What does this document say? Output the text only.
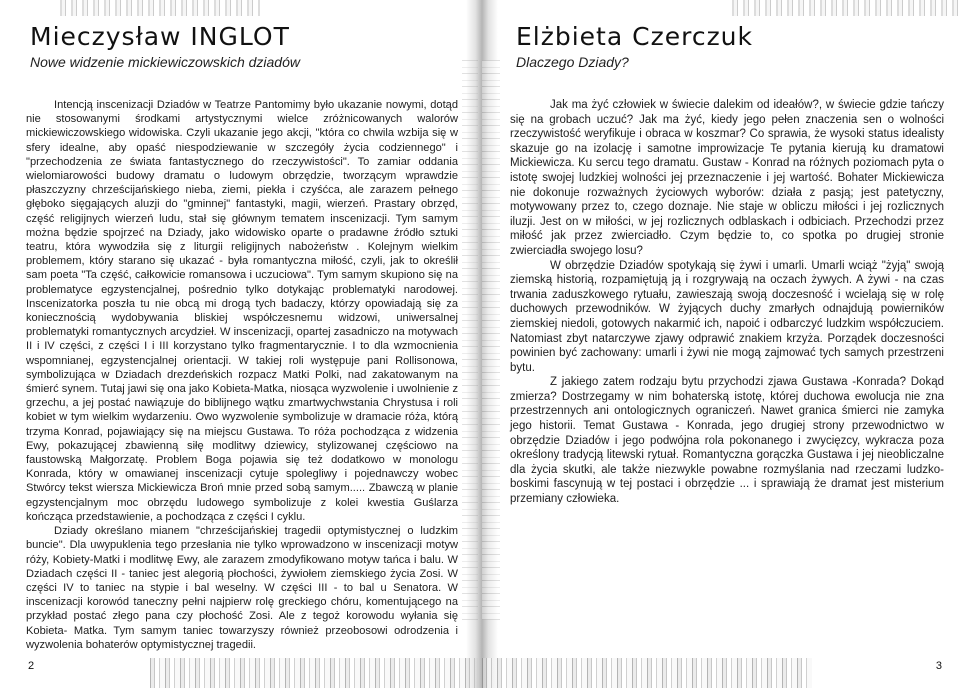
Mieczysław INGLOT
Nowe widzenie mickiewiczowskich dziadów

Intencją inscenizacji Dziadów w Teatrze Pantomimy było ukazanie nowymi, dotąd nie stosowanymi środkami artystycznymi wielce zróżnicowanych walorów mickiewiczowskiego widowiska. Czyli ukazanie jego akcji, "która co chwila wzbija się w sfery idealne, aby opaść niespodziewanie w szczegóły życia codziennego" i "przechodzenia ze świata fantastycznego do rzeczywistości". To zamiar oddania wielomiarowości budowy dramatu o ludowym obrzędzie, tworzącym wprawdzie płaszczyzny chrześcijańskiego nieba, ziemi, piekła i czyśćca, ale zarazem pełnego głęboko sięgających aluzji do "gminnej" fantastyki, magii, wierzeń. Prastary obrzęd, część religijnych wierzeń ludu, stał się głównym tematem inscenizacji. Tym samym można będzie spojrzeć na Dziady, jako widowisko oparte o pradawne źródło sztuki teatru, która wywodziła się z liturgii religijnych nabożeństw . Kolejnym wielkim problemem, który starano się ukazać - była romantyczna miłość, czyli, jak to określił sam poeta "Ta część, całkowicie romansowa i uczuciowa". Tym samym skupiono się na problematyce egzystencjalnej, pośrednio tylko dotykając problematyki narodowej. Inscenizatorka poszła tu nie obcą mi drogą tych badaczy, którzy opowiadają się za koniecznością wydobywania bliskiej współczesnemu widzowi, uniwersalnej problematyki romantycznych arcydzieł. W inscenizacji, opartej zasadniczo na motywach II i IV części, z części I i III korzystano tylko fragmentarycznie. I to dla wzmocnienia wspomnianej, egzystencjalnej orientacji. W takiej roli występuje pani Rollisonowa, symbolizująca w Dziadach drezdeńskich rozpacz Matki Polki, nad zakatowanym na śmierć synem. Tutaj jawi się ona jako Kobieta-Matka, niosąca wyzwolenie i uwolnienie z grzechu, a jej postać nawiązuje do biblijnego wątku zmartwychwstania Chrystusa i roli kobiet w tym wielkim wydarzeniu. Owo wyzwolenie symbolizuje w dramacie róża, którą trzyma Konrad, pojawiający się na miejscu Gustawa. To róża pochodząca z widzenia Ewy, pokazującej zbawienną siłę modlitwy dziewicy, stylizowanej częściowo na faustowską Małgorzatę. Problem Boga pojawia się też dodatkowo w monologu Konrada, który w omawianej inscenizacji cytuje spolegliwy i pojednawczy wobec Stwórcy tekst wiersza Mickiewicza Broń mnie przed sobą samym..... Zbawczą w planie egzystencjalnym moc obrzędu ludowego symbolizuje z kolei kwestia Guślarza kończąca przedstawienie, a pochodząca z części I cyklu.

Dziady określano mianem "chrześcijańskiej tragedii optymistycznej o ludzkim buncie". Dla uwypuklenia tego przesłania nie tylko wprowadzono w inscenizacji motyw róży, Kobiety-Matki i modlitwę Ewy, ale zarazem zmodyfikowano motyw tańca i balu. W Dziadach części II - taniec jest alegorią płochości, żywiołem ziemskiego życia Zosi. W części IV to taniec na stypie i bal weselny. W części III - to bal u Senatora. W inscenizacji korowód taneczny pełni najpierw rolę greckiego chóru, komentującego na przykład postać złego pana czy płochość Zosi. Ale z tegoż korowodu wyłania się Kobieta- Matka. Tym samym taniec towarzyszy również przeobosowi odrodzenia i wyzwolenia bohaterów optymistycznej tragedii.

2
Elżbieta Czerczuk
Dlaczego Dziady?

Jak ma żyć człowiek w świecie dalekim od ideałów?, w świecie gdzie tańczy się na grobach uczuć? Jak ma żyć, kiedy jego pełen znaczenia sen o wolności rzeczywistość weryfikuje i obraca w koszmar? Co sprawia, że wysoki status idealisty skazuje go na izolację i samotne improwizacje Te pytania kierują ku dramatowi Mickiewicza. Ku sercu tego dramatu. Gustaw - Konrad na różnych poziomach pyta o istotę swojej ludzkiej wolności jej przeznaczenie i jej wartość. Bohater Mickiewicza nie dokonuje rozważnych życiowych wyborów: działa z pasją; jest patetyczny, motywowany przez to, czego doznaje. Nie staje w obliczu miłości i jej rozlicznych iluzji. Jest on w miłości, w jej rozlicznych odblaskach i odbiciach. Przechodzi przez miłość jak przez zwierciadło. Czym będzie to, co spotka po drugiej stronie zwierciadła swojego losu?

W obrzędzie Dziadów spotykają się żywi i umarli. Umarli wciąż "żyją" swoją ziemską historią, rozpamiętują ją i rozgrywają na oczach żywych. A żywi - na czas trwania zaduszkowego rytuału, zawieszają swoją doczesność i wcielają się w rolę duchowych przewodników. W żyjących duchy zmarłych odnajdują powierników ziemskiej niedoli, gotowych nakarmić ich, napoić i odbarczyć ludzkim współczuciem. Natomiast zbyt natarczywe zjawy odprawić znakiem krzyża. Porządek doczesności powinien być zachowany: umarli i żywi nie mogą zajmować tych samych przestrzeni bytu.

Z jakiego zatem rodzaju bytu przychodzi zjawa Gustawa -Konrada? Dokąd zmierza? Dostrzegamy w nim bohaterską istotę, której duchowa ewolucja nie zna przestrzennych ani ontologicznych ograniczeń. Nawet granica śmierci nie zamyka jego historii. Temat Gustawa - Konrada, jego drugiej strony przewodnictwo w obrzędzie Dziadów i jego podwójna rola pokonanego i zwycięzcy, wykracza poza określony tradycją litewski rytuał. Romantyczna gorączka Gustawa i jej nieobliczalne dla życia skutki, ale także niezwykle powabne rozmyślania nad rzeczami ludzko-boskimi fascynują w tej postaci i obrzędzie ... i sprawiają że dramat jest misterium przemiany człowieka.

3
